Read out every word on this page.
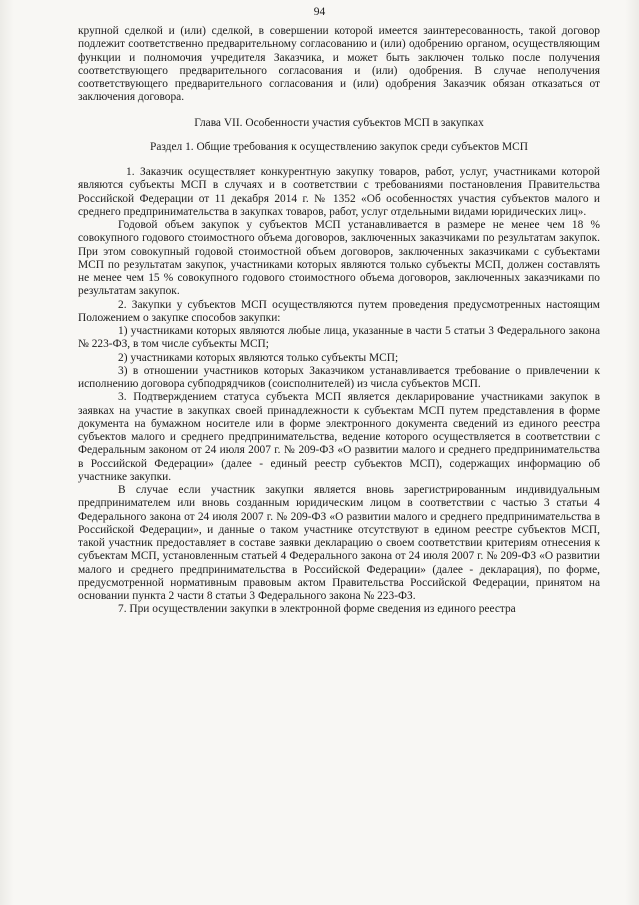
94

крупной сделкой и (или) сделкой, в совершении которой имеется заинтересованность, такой договор подлежит соответственно предварительному согласованию и (или) одобрению органом, осуществляющим функции и полномочия учредителя Заказчика, и может быть заключен только после получения соответствующего предварительного согласования и (или) одобрения. В случае неполучения соответствующего предварительного согласования и (или) одобрения Заказчик обязан отказаться от заключения договора.

Глава VII. Особенности участия субъектов МСП в закупках

Раздел 1. Общие требования к осуществлению закупок среди субъектов МСП

1. Заказчик осуществляет конкурентную закупку товаров, работ, услуг, участниками которой являются субъекты МСП в случаях и в соответствии с требованиями постановления Правительства Российской Федерации от 11 декабря 2014 г. № 1352 «Об особенностях участия субъектов малого и среднего предпринимательства в закупках товаров, работ, услуг отдельными видами юридических лиц».

Годовой объем закупок у субъектов МСП устанавливается в размере не менее чем 18 % совокупного годового стоимостного объема договоров, заключенных заказчиками по результатам закупок. При этом совокупный годовой стоимостной объем договоров, заключенных заказчиками с субъектами МСП по результатам закупок, участниками которых являются только субъекты МСП, должен составлять не менее чем 15 % совокупного годового стоимостного объема договоров, заключенных заказчиками по результатам закупок.

2. Закупки у субъектов МСП осуществляются путем проведения предусмотренных настоящим Положением о закупке способов закупки:

1) участниками которых являются любые лица, указанные в части 5 статьи 3 Федерального закона № 223-ФЗ, в том числе субъекты МСП;

2) участниками которых являются только субъекты МСП;

3) в отношении участников которых Заказчиком устанавливается требование о привлечении к исполнению договора субподрядчиков (соисполнителей) из числа субъектов МСП.

3. Подтверждением статуса субъекта МСП является декларирование участниками закупок в заявках на участие в закупках своей принадлежности к субъектам МСП путем представления в форме документа на бумажном носителе или в форме электронного документа сведений из единого реестра субъектов малого и среднего предпринимательства, ведение которого осуществляется в соответствии с Федеральным законом от 24 июля 2007 г. № 209-ФЗ «О развитии малого и среднего предпринимательства в Российской Федерации» (далее - единый реестр субъектов МСП), содержащих информацию об участнике закупки.

В случае если участник закупки является вновь зарегистрированным индивидуальным предпринимателем или вновь созданным юридическим лицом в соответствии с частью 3 статьи 4 Федерального закона от 24 июля 2007 г. № 209-ФЗ «О развитии малого и среднего предпринимательства в Российской Федерации», и данные о таком участнике отсутствуют в едином реестре субъектов МСП, такой участник предоставляет в составе заявки декларацию о своем соответствии критериям отнесения к субъектам МСП, установленным статьей 4 Федерального закона от 24 июля 2007 г. № 209-ФЗ «О развитии малого и среднего предпринимательства в Российской Федерации» (далее - декларация), по форме, предусмотренной нормативным правовым актом Правительства Российской Федерации, принятом на основании пункта 2 части 8 статьи 3 Федерального закона № 223-ФЗ.

7. При осуществлении закупки в электронной форме сведения из единого реестра
